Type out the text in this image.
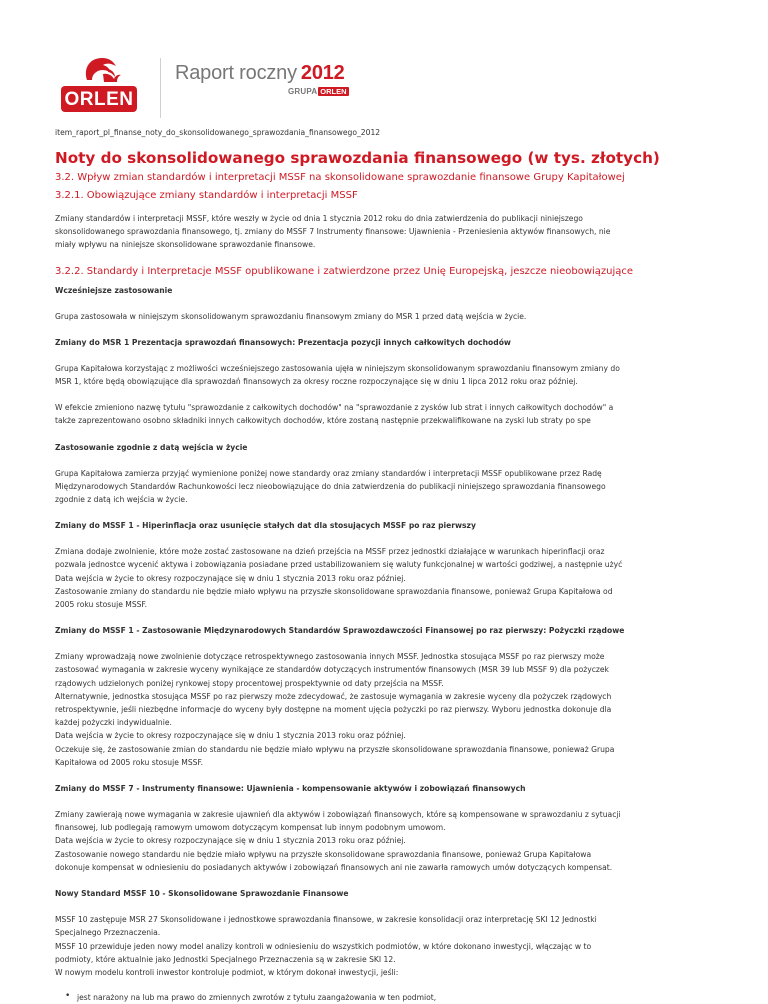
ORLEN
Raport roczny 2012
GRUPA ORLEN
item_raport_pl_finanse_noty_do_skonsolidowanego_sprawozdania_finansowego_2012
Noty do skonsolidowanego sprawozdania finansowego (w tys. złotych)
3.2. Wpływ zmian standardów i interpretacji MSSF na skonsolidowane sprawozdanie finansowe Grupy Kapitałowej
3.2.1. Obowiązujące zmiany standardów i interpretacji MSSF

Zmiany standardów i interpretacji MSSF, które weszły w życie od dnia 1 stycznia 2012 roku do dnia zatwierdzenia do publikacji niniejszego
skonsolidowanego sprawozdania finansowego, tj. zmiany do MSSF 7 Instrumenty finansowe: Ujawnienia - Przeniesienia aktywów finansowych, nie
miały wpływu na niniejsze skonsolidowane sprawozdanie finansowe.

3.2.2. Standardy i Interpretacje MSSF opublikowane i zatwierdzone przez Unię Europejską, jeszcze nieobowiązujące
Wcześniejsze zastosowanie

Grupa zastosowała w niniejszym skonsolidowanym sprawozdaniu finansowym zmiany do MSR 1 przed datą wejścia w życie.

Zmiany do MSR 1 Prezentacja sprawozdań finansowych: Prezentacja pozycji innych całkowitych dochodów

Grupa Kapitałowa korzystając z możliwości wcześniejszego zastosowania ujęła w niniejszym skonsolidowanym sprawozdaniu finansowym zmiany do
MSR 1, które będą obowiązujące dla sprawozdań finansowych za okresy roczne rozpoczynające się w dniu 1 lipca 2012 roku oraz później.

W efekcie zmieniono nazwę tytułu "sprawozdanie z całkowitych dochodów" na "sprawozdanie z zysków lub strat i innych całkowitych dochodów" a
także zaprezentowano osobno składniki innych całkowitych dochodów, które zostaną następnie przekwalifikowane na zyski lub straty po spe

Zastosowanie zgodnie z datą wejścia w życie

Grupa Kapitałowa zamierza przyjąć wymienione poniżej nowe standardy oraz zmiany standardów i interpretacji MSSF opublikowane przez Radę
Międzynarodowych Standardów Rachunkowości lecz nieobowiązujące do dnia zatwierdzenia do publikacji niniejszego sprawozdania finansowego
zgodnie z datą ich wejścia w życie.

Zmiany do MSSF 1 - Hiperinflacja oraz usunięcie stałych dat dla stosujących MSSF po raz pierwszy

Zmiana dodaje zwolnienie, które może zostać zastosowane na dzień przejścia na MSSF przez jednostki działające w warunkach hiperinflacji oraz
pozwala jednostce wycenić aktywa i zobowiązania posiadane przed ustabilizowaniem się waluty funkcjonalnej w wartości godziwej, a następnie użyć
Data wejścia w życie to okresy rozpoczynające się w dniu 1 stycznia 2013 roku oraz później.
Zastosowanie zmiany do standardu nie będzie miało wpływu na przyszłe skonsolidowane sprawozdania finansowe, ponieważ Grupa Kapitałowa od
2005 roku stosuje MSSF.

Zmiany do MSSF 1 - Zastosowanie Międzynarodowych Standardów Sprawozdawczości Finansowej po raz pierwszy: Pożyczki rządowe

Zmiany wprowadzają nowe zwolnienie dotyczące retrospektywnego zastosowania innych MSSF. Jednostka stosująca MSSF po raz pierwszy może
zastosować wymagania w zakresie wyceny wynikające ze standardów dotyczących instrumentów finansowych (MSR 39 lub MSSF 9) dla pożyczek
rządowych udzielonych poniżej rynkowej stopy procentowej prospektywnie od daty przejścia na MSSF.
Alternatywnie, jednostka stosująca MSSF po raz pierwszy może zdecydować, że zastosuje wymagania w zakresie wyceny dla pożyczek rządowych
retrospektywnie, jeśli niezbędne informacje do wyceny były dostępne na moment ujęcia pożyczki po raz pierwszy. Wyboru jednostka dokonuje dla
każdej pożyczki indywidualnie.
Data wejścia w życie to okresy rozpoczynające się w dniu 1 stycznia 2013 roku oraz później.
Oczekuje się, że zastosowanie zmian do standardu nie będzie miało wpływu na przyszłe skonsolidowane sprawozdania finansowe, ponieważ Grupa
Kapitałowa od 2005 roku stosuje MSSF.

Zmiany do MSSF 7 - Instrumenty finansowe: Ujawnienia - kompensowanie aktywów i zobowiązań finansowych

Zmiany zawierają nowe wymagania w zakresie ujawnień dla aktywów i zobowiązań finansowych, które są kompensowane w sprawozdaniu z sytuacji
finansowej, lub podlegają ramowym umowom dotyczącym kompensat lub innym podobnym umowom.
Data wejścia w życie to okresy rozpoczynające się w dniu 1 stycznia 2013 roku oraz później.
Zastosowanie nowego standardu nie będzie miało wpływu na przyszłe skonsolidowane sprawozdania finansowe, ponieważ Grupa Kapitałowa
dokonuje kompensat w odniesieniu do posiadanych aktywów i zobowiązań finansowych ani nie zawarła ramowych umów dotyczących kompensat.

Nowy Standard MSSF 10 - Skonsolidowane Sprawozdanie Finansowe

MSSF 10 zastępuje MSR 27 Skonsolidowane i jednostkowe sprawozdania finansowe, w zakresie konsolidacji oraz interpretację SKI 12 Jednostki
Specjalnego Przeznaczenia.
MSSF 10 przewiduje jeden nowy model analizy kontroli w odniesieniu do wszystkich podmiotów, w które dokonano inwestycji, włączając w to
podmioty, które aktualnie jako Jednostki Specjalnego Przeznaczenia są w zakresie SKI 12.
W nowym modelu kontroli inwestor kontroluje podmiot, w którym dokonał inwestycji, jeśli:

• jest narażony na lub ma prawo do zmiennych zwrotów z tytułu zaangażowania w ten podmiot,
